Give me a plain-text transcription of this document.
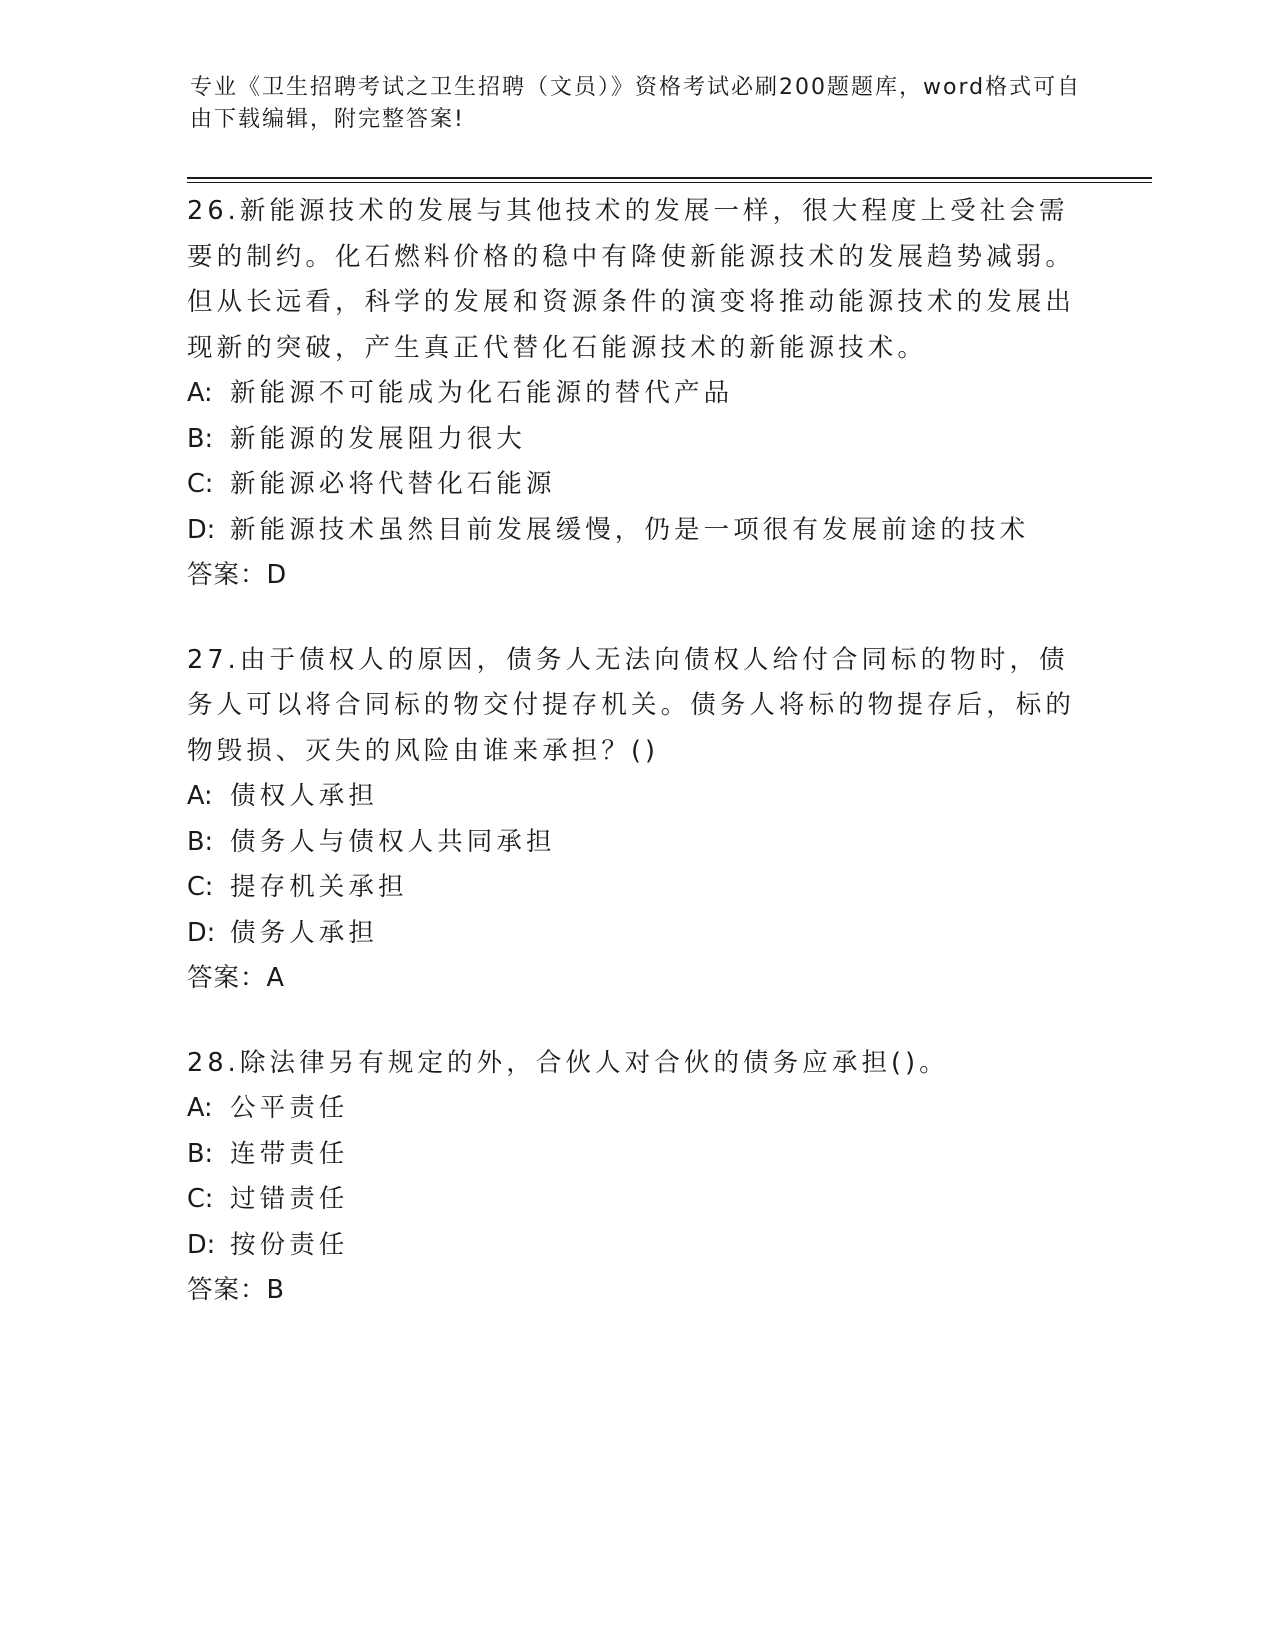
专业《卫生招聘考试之卫生招聘（文员）》资格考试必刷200题题库，word格式可自由下载编辑，附完整答案!

26.新能源技术的发展与其他技术的发展一样，很大程度上受社会需要的制约。化石燃料价格的稳中有降使新能源技术的发展趋势减弱。但从长远看，科学的发展和资源条件的演变将推动能源技术的发展出现新的突破，产生真正代替化石能源技术的新能源技术。

A: 新能源不可能成为化石能源的替代产品

B: 新能源的发展阻力很大

C: 新能源必将代替化石能源

D: 新能源技术虽然目前发展缓慢，仍是一项很有发展前途的技术

答案：D

27.由于债权人的原因，债务人无法向债权人给付合同标的物时，债务人可以将合同标的物交付提存机关。债务人将标的物提存后，标的物毁损、灭失的风险由谁来承担？()

A: 债权人承担

B: 债务人与债权人共同承担

C: 提存机关承担

D: 债务人承担

答案：A

28.除法律另有规定的外，合伙人对合伙的债务应承担()。

A: 公平责任

B: 连带责任

C: 过错责任

D: 按份责任

答案：B
